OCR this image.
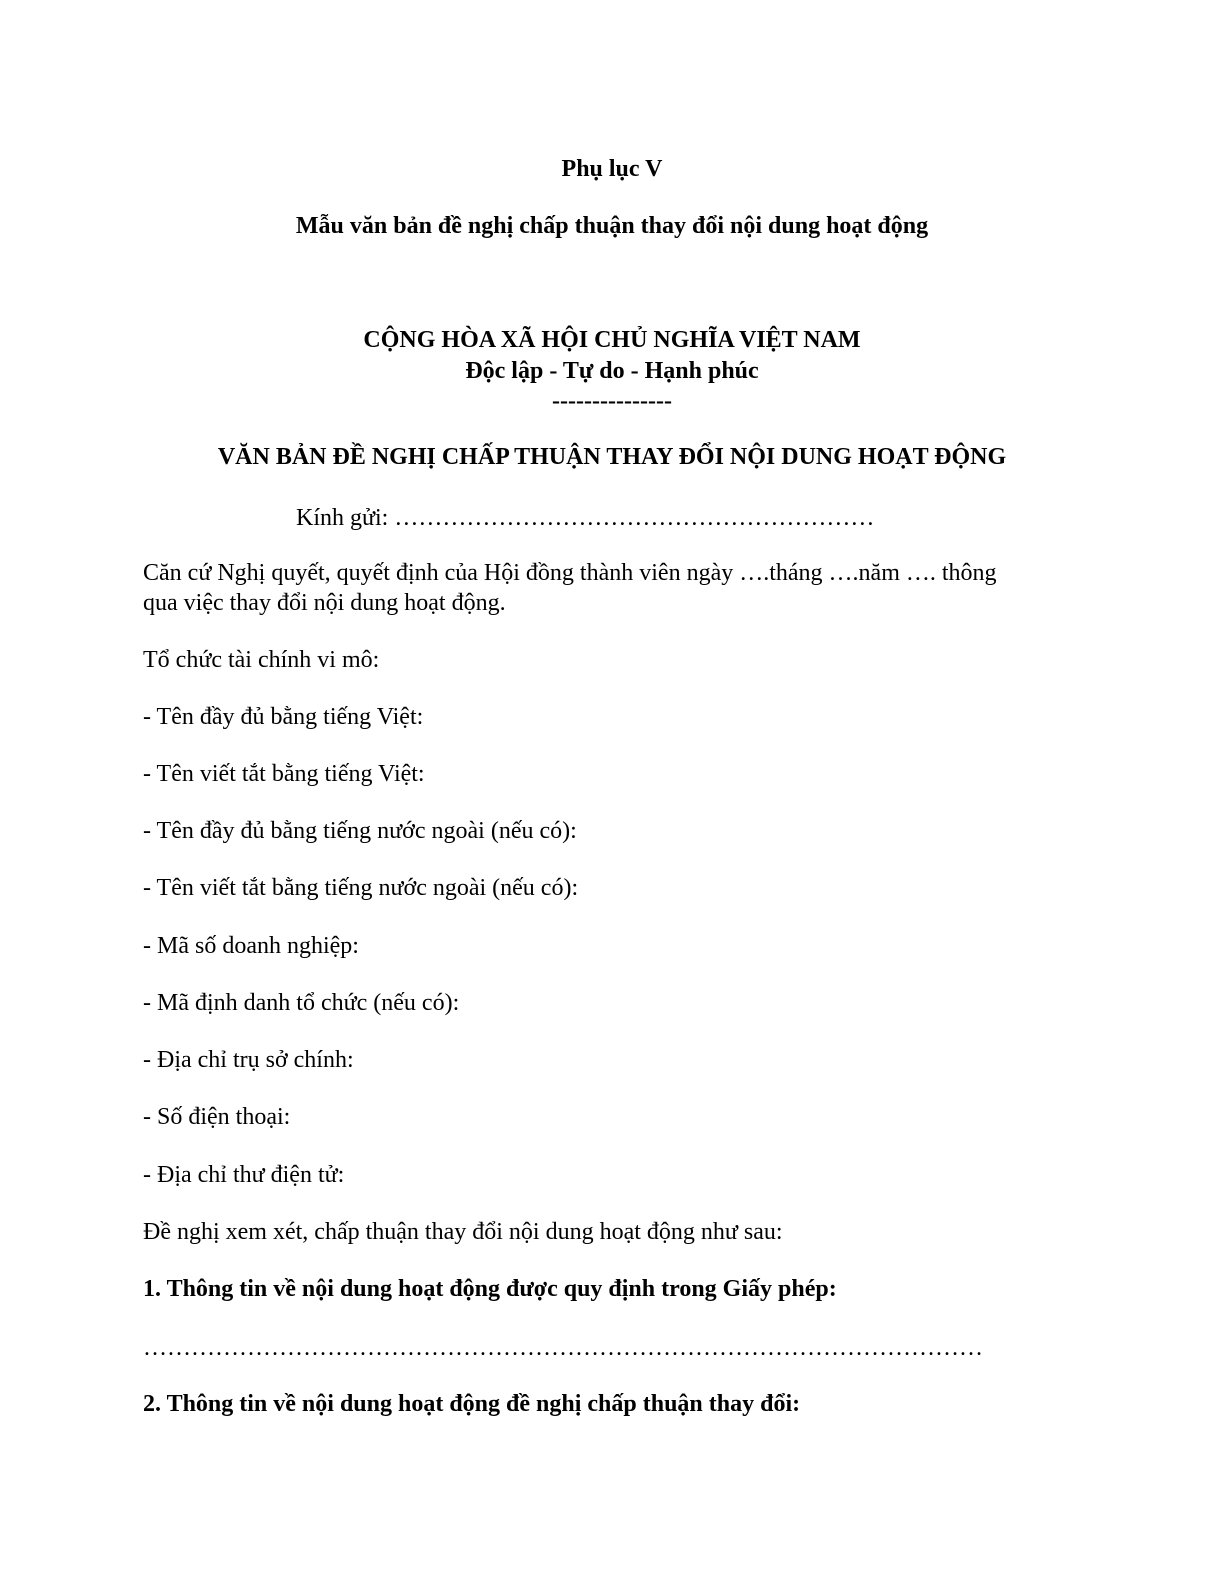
Phụ lục V
Mẫu văn bản đề nghị chấp thuận thay đổi nội dung hoạt động
CỘNG HÒA XÃ HỘI CHỦ NGHĨA VIỆT NAM
Độc lập - Tự do - Hạnh phúc
---------------
VĂN BẢN ĐỀ NGHỊ CHẤP THUẬN THAY ĐỔI NỘI DUNG HOẠT ĐỘNG
Kính gửi: ……………………………………………………
Căn cứ Nghị quyết, quyết định của Hội đồng thành viên ngày ….tháng ….năm …. thông
qua việc thay đổi nội dung hoạt động.
Tổ chức tài chính vi mô:
- Tên đầy đủ bằng tiếng Việt:
- Tên viết tắt bằng tiếng Việt:
- Tên đầy đủ bằng tiếng nước ngoài (nếu có):
- Tên viết tắt bằng tiếng nước ngoài (nếu có):
- Mã số doanh nghiệp:
- Mã định danh tổ chức (nếu có):
- Địa chỉ trụ sở chính:
- Số điện thoại:
- Địa chỉ thư điện tử:
Đề nghị xem xét, chấp thuận thay đổi nội dung hoạt động như sau:
1. Thông tin về nội dung hoạt động được quy định trong Giấy phép:
……………………………………………………………………………………………
2. Thông tin về nội dung hoạt động đề nghị chấp thuận thay đổi:
